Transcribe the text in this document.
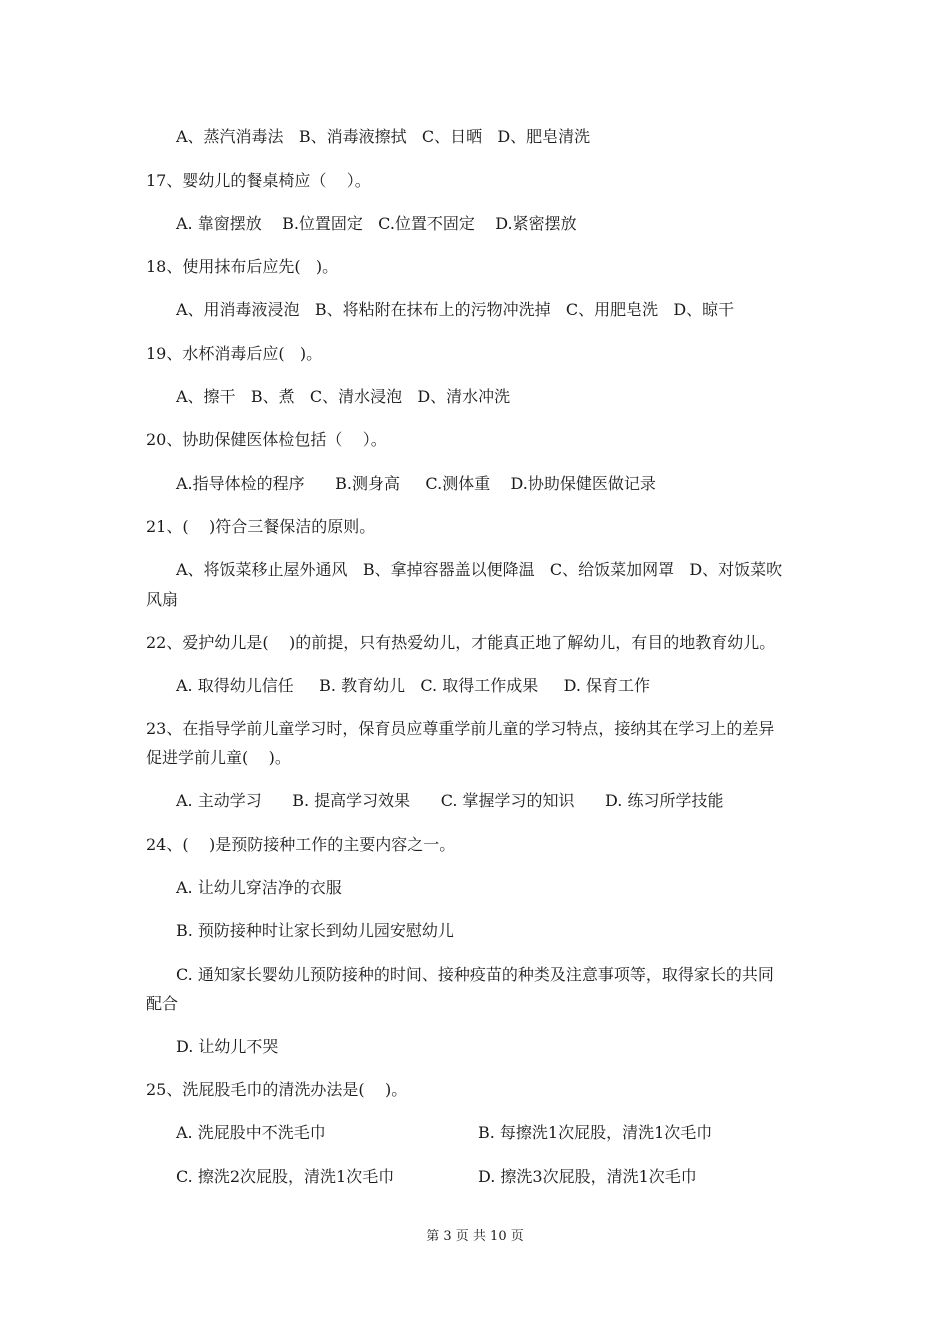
A、蒸汽消毒法   B、消毒液擦拭   C、日晒   D、肥皂清洗
17、婴幼儿的餐桌椅应（    ）。
A. 靠窗摆放    B.位置固定   C.位置不固定    D.紧密摆放
18、使用抹布后应先(   )。
A、用消毒液浸泡   B、将粘附在抹布上的污物冲洗掉   C、用肥皂洗   D、晾干
19、水杯消毒后应(   )。
A、擦干   B、煮   C、清水浸泡   D、清水冲洗
20、协助保健医体检包括（    ）。
A.指导体检的程序      B.测身高     C.测体重    D.协助保健医做记录
21、(    )符合三餐保洁的原则。
A、将饭菜移止屋外通风   B、拿掉容器盖以便降温   C、给饭菜加网罩   D、对饭菜吹
风扇
22、爱护幼儿是(    )的前提，只有热爱幼儿，才能真正地了解幼儿，有目的地教育幼儿。
A. 取得幼儿信任     B. 教育幼儿   C. 取得工作成果     D. 保育工作
23、在指导学前儿童学习时，保育员应尊重学前儿童的学习特点，接纳其在学习上的差异
促进学前儿童(    )。
A. 主动学习      B. 提高学习效果      C. 掌握学习的知识      D. 练习所学技能
24、(    )是预防接种工作的主要内容之一。
A. 让幼儿穿洁净的衣服
B. 预防接种时让家长到幼儿园安慰幼儿
C. 通知家长婴幼儿预防接种的时间、接种疫苗的种类及注意事项等，取得家长的共同
配合
D. 让幼儿不哭
25、洗屁股毛巾的清洗办法是(    )。
A. 洗屁股中不洗毛巾	B. 每擦洗1次屁股，清洗1次毛巾
C. 擦洗2次屁股，清洗1次毛巾	D. 擦洗3次屁股，清洗1次毛巾
第 3 页 共 10 页
